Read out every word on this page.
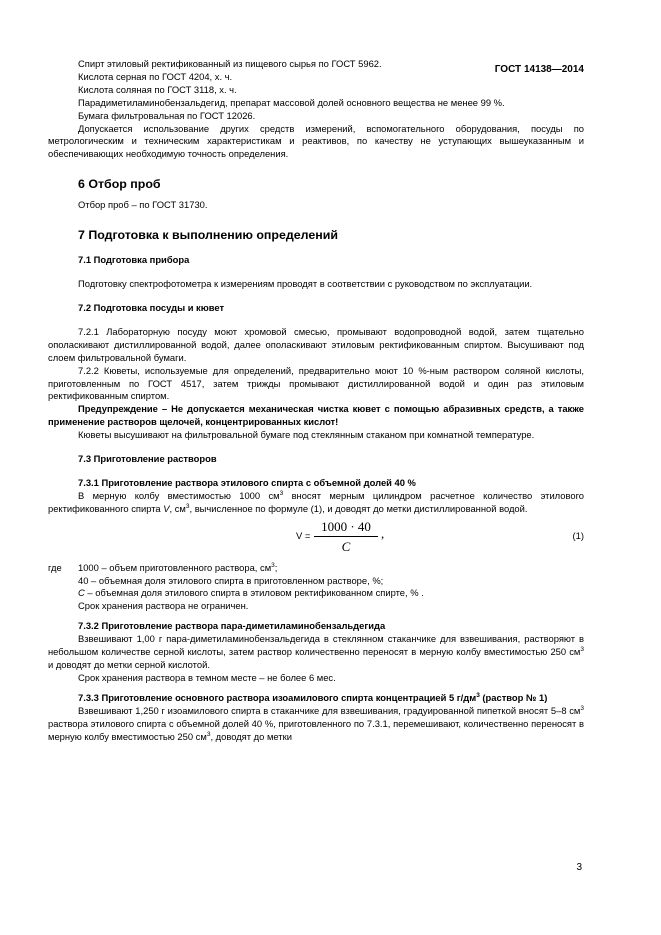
ГОСТ 14138—2014

Спирт этиловый ректификованный из пищевого сырья по ГОСТ 5962.

Кислота серная по ГОСТ 4204, х. ч.

Кислота соляная по ГОСТ 3118, х. ч.

Парадиметиламинобензальдегид, препарат массовой долей основного вещества не менее 99 %.

Бумага фильтровальная по ГОСТ 12026.

Допускается использование других средств измерений, вспомогательного оборудования, посуды по метрологическим и техническим характеристикам и реактивов, по качеству не уступающих вышеуказанным и обеспечивающих необходимую точность определения.

6 Отбор проб

Отбор проб – по ГОСТ 31730.

7 Подготовка к выполнению определений
7.1 Подготовка прибора

Подготовку спектрофотометра к измерениям проводят в соответствии с руководством по эксплуатации.

7.2 Подготовка посуды и кювет

7.2.1 Лабораторную посуду моют хромовой смесью, промывают водопроводной водой, затем тщательно ополаскивают дистиллированной водой, далее ополаскивают этиловым ректификованным спиртом. Высушивают под слоем фильтровальной бумаги.

7.2.2 Кюветы, используемые для определений, предварительно моют 10 %-ным раствором соляной кислоты, приготовленным по ГОСТ 4517, затем трижды промывают дистиллированной водой и один раз этиловым ректификованным спиртом.

Предупреждение – Не допускается механическая чистка кювет с помощью абразивных средств, а также применение растворов щелочей, концентрированных кислот!

Кюветы высушивают на фильтровальной бумаге под стеклянным стаканом при комнатной температуре.

7.3 Приготовление растворов

7.3.1 Приготовление раствора этилового спирта с объемной долей 40 %

В мерную колбу вместимостью 1000 $см^3$ вносят мерным цилиндром расчетное количество этилового ректификованного спирта V, $см^3$, вычисленное по формуле (1), и доводят до метки дистиллированной водой.

V =
1000 · 40
C
,	(1)
где	1000 – объем приготовленного раствора, $см^3$;

40 – объемная доля этилового спирта в приготовленном растворе, %;

С – объемная доля этилового спирта в этиловом ректификованном спирте, % .

Срок хранения раствора не ограничен.

7.3.2 Приготовление раствора пара-диметиламинобензальдегида

Взвешивают 1,00 г пара-диметиламинобензальдегида в стеклянном стаканчике для взвешивания, растворяют в небольшом количестве серной кислоты, затем раствор количественно переносят в мерную колбу вместимостью 250 $см^3$ и доводят до метки серной кислотой.

Срок хранения раствора в темном месте – не более 6 мес.

7.3.3 Приготовление основного раствора изоамилового спирта концентрацией 5 $г/дм^3$ (раствор № 1)

Взвешивают 1,250 г изоамилового спирта в стаканчике для взвешивания, градуированной пипеткой вносят 5–8 $см^3$ раствора этилового спирта с объемной долей 40 %, приготовленного по 7.3.1, перемешивают, количественно переносят в мерную колбу вместимостью 250 $см^3$, доводят до метки

3
